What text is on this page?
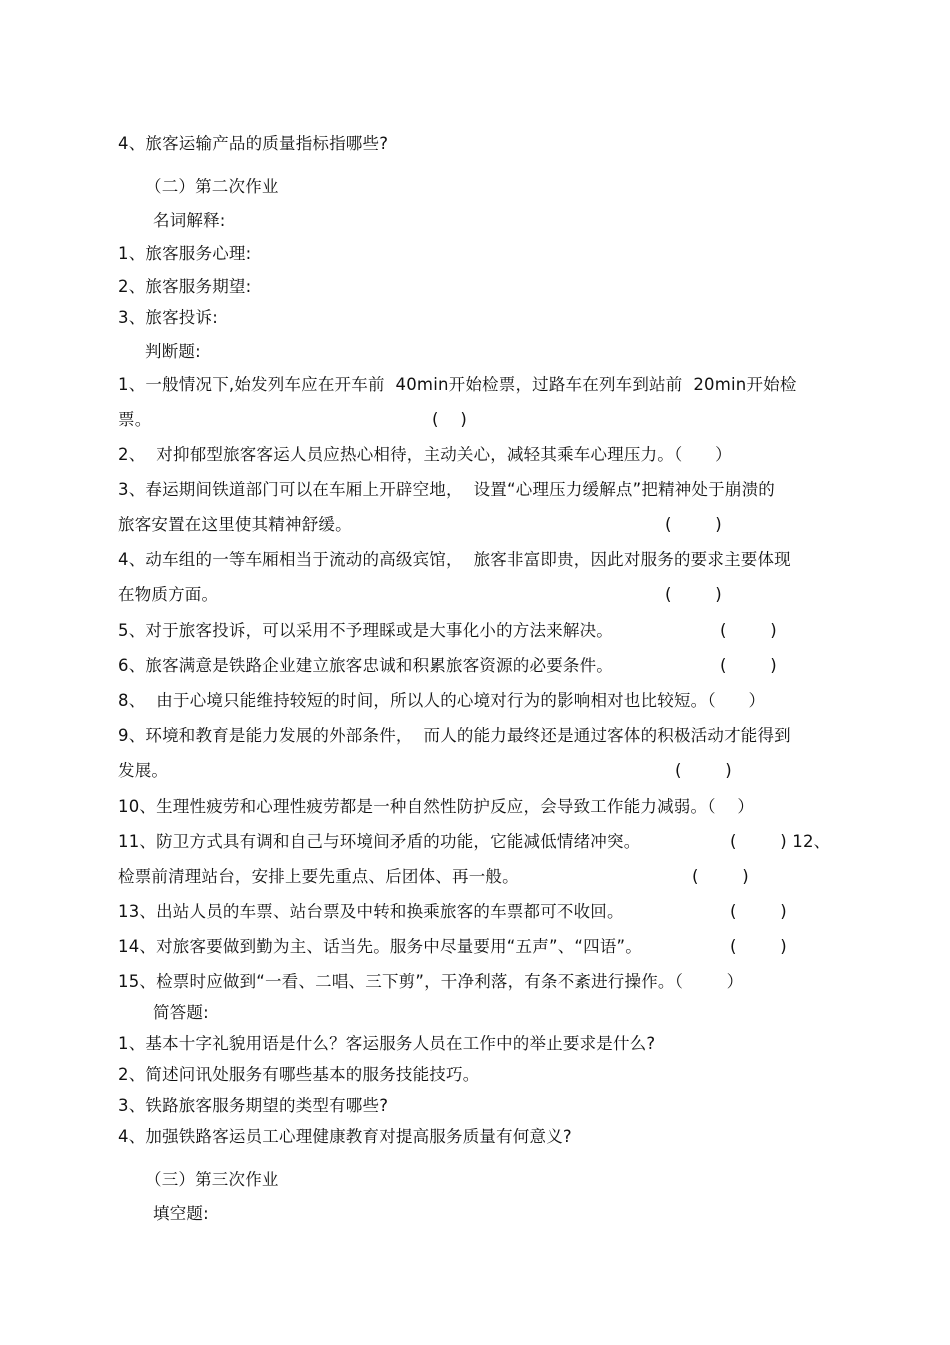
4、旅客运输产品的质量指标指哪些?
（二）第二次作业
名词解释:
1、旅客服务心理:
2、旅客服务期望:
3、旅客投诉:
判断题:
1、一般情况下,始发列车应在开车前  40min开始检票，过路车在列车到站前  20min开始检
票。	(    )
2、  对抑郁型旅客客运人员应热心相待，主动关心，减轻其乘车心理压力。（      ）
3、春运期间铁道部门可以在车厢上开辟空地，  设置“心理压力缓解点”把精神处于崩溃的
旅客安置在这里使其精神舒缓。	(        )
4、动车组的一等车厢相当于流动的高级宾馆，  旅客非富即贵，因此对服务的要求主要体现
在物质方面。	(        )
5、对于旅客投诉，可以采用不予理睬或是大事化小的方法来解决。	(        )
6、旅客满意是铁路企业建立旅客忠诚和积累旅客资源的必要条件。	(        )
8、  由于心境只能维持较短的时间，所以人的心境对行为的影响相对也比较短。（      ）
9、环境和教育是能力发展的外部条件，  而人的能力最终还是通过客体的积极活动才能得到
发展。	(        )
10、生理性疲劳和心理性疲劳都是一种自然性防护反应，会导致工作能力减弱。（    ）
11、防卫方式具有调和自己与环境间矛盾的功能，它能减低情绪冲突。	(        ) 12、
检票前清理站台，安排上要先重点、后团体、再一般。	(        )
13、出站人员的车票、站台票及中转和换乘旅客的车票都可不收回。	(        )
14、对旅客要做到勤为主、话当先。服务中尽量要用“五声”、“四语”。	(        )
15、检票时应做到“一看、二唱、三下剪”，干净利落，有条不紊进行操作。（        ）
简答题:
1、基本十字礼貌用语是什么？客运服务人员在工作中的举止要求是什么?
2、简述问讯处服务有哪些基本的服务技能技巧。
3、铁路旅客服务期望的类型有哪些?
4、加强铁路客运员工心理健康教育对提高服务质量有何意义?
（三）第三次作业
填空题:
